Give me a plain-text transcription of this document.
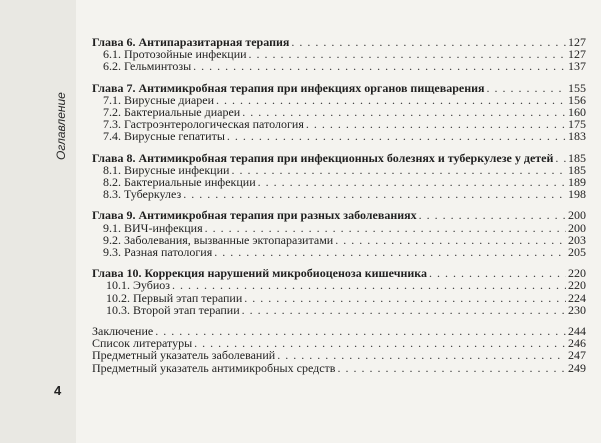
Оглавление
4
Глава 6. Антипаразитарная терапия . . .	127
6.1. Протозойные инфекции . . .	127
6.2. Гельминтозы . . .	137
Глава 7. Антимикробная терапия при инфекциях органов пищеварения . . .	155
7.1. Вирусные диареи . . .	156
7.2. Бактериальные диареи . . .	160
7.3. Гастроэнтерологическая патология . . .	175
7.4. Вирусные гепатиты . . .	183
Глава 8. Антимикробная терапия при инфекционных болезнях и туберкулезе у детей . . . 185
8.1. Вирусные инфекции . . .	185
8.2. Бактериальные инфекции . . .	189
8.3. Туберкулез . . .	198
Глава 9. Антимикробная терапия при разных заболеваниях . . .	200
9.1. ВИЧ-инфекция . . .	200
9.2. Заболевания, вызванные эктопаразитами . . .	203
9.3. Разная патология . . .	205
Глава 10. Коррекция нарушений микробиоценоза кишечника . . .	220
10.1. Эубиоз . . .	220
10.2. Первый этап терапии . . .	224
10.3. Второй этап терапии . . .	230
Заключение . . .	244
Список литературы . . .	246
Предметный указатель заболеваний . . .	247
Предметный указатель антимикробных средств . . .	249
